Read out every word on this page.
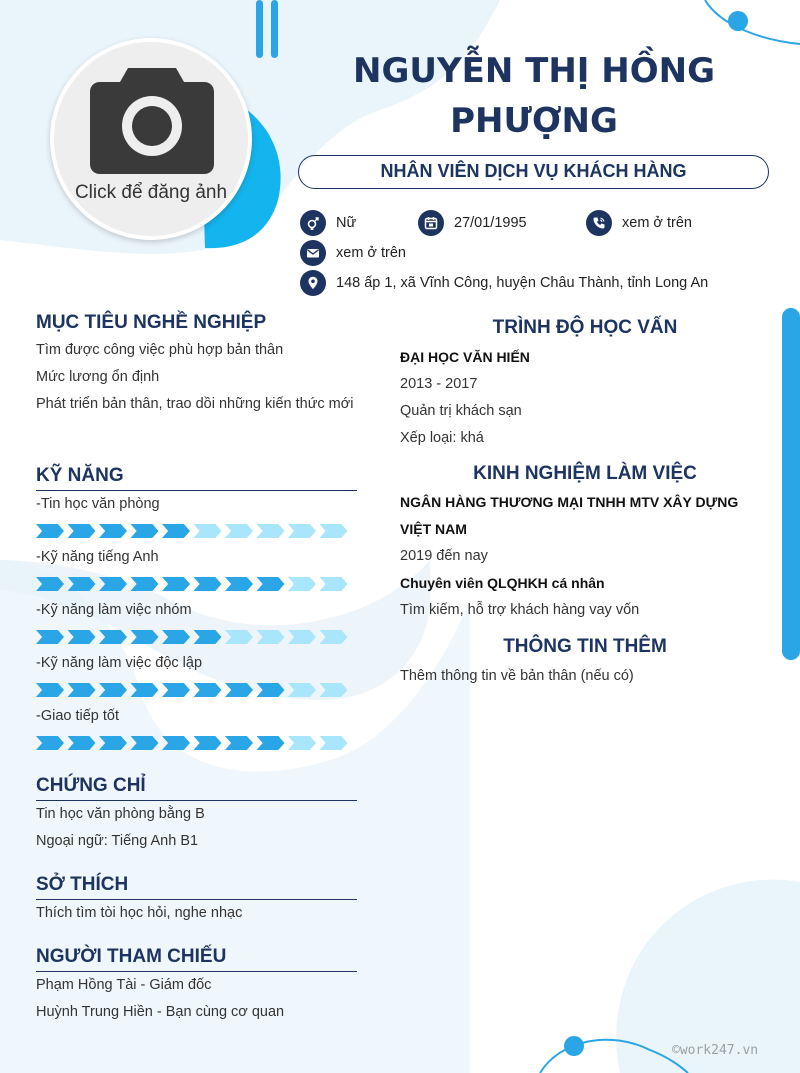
Click để đăng ảnh
NGUYỄN THỊ HỒNG PHƯỢNG
NHÂN VIÊN DỊCH VỤ KHÁCH HÀNG
Nữ	27/01/1995	xem ở trên
xem ở trên
148 ấp 1, xã Vĩnh Công, huyện Châu Thành, tỉnh Long An
MỤC TIÊU NGHỀ NGHIỆP
Tìm được công việc phù hợp bản thân
Mức lương ổn định
Phát triển bản thân, trao dồi những kiến thức mới
KỸ NĂNG
-Tin học văn phòng
-Kỹ năng tiếng Anh
-Kỹ năng làm việc nhóm
-Kỹ năng làm việc độc lập
-Giao tiếp tốt
CHỨNG CHỈ
Tin học văn phòng bằng B
Ngoại ngữ: Tiếng Anh B1
SỞ THÍCH
Thích tìm tòi học hỏi, nghe nhạc
NGƯỜI THAM CHIẾU
Phạm Hồng Tài - Giám đốc
Huỳnh Trung Hiền - Bạn cùng cơ quan
TRÌNH ĐỘ HỌC VẤN
ĐẠI HỌC VĂN HIẾN
2013 - 2017
Quản trị khách sạn
Xếp loại: khá
KINH NGHIỆM LÀM VIỆC
NGÂN HÀNG THƯƠNG MẠI TNHH MTV XÂY DỰNG VIỆT NAM
2019 đến nay
Chuyên viên QLQHKH cá nhân
Tìm kiếm, hỗ trợ khách hàng vay vốn
THÔNG TIN THÊM
Thêm thông tin về bản thân (nếu có)
©work247.vn
